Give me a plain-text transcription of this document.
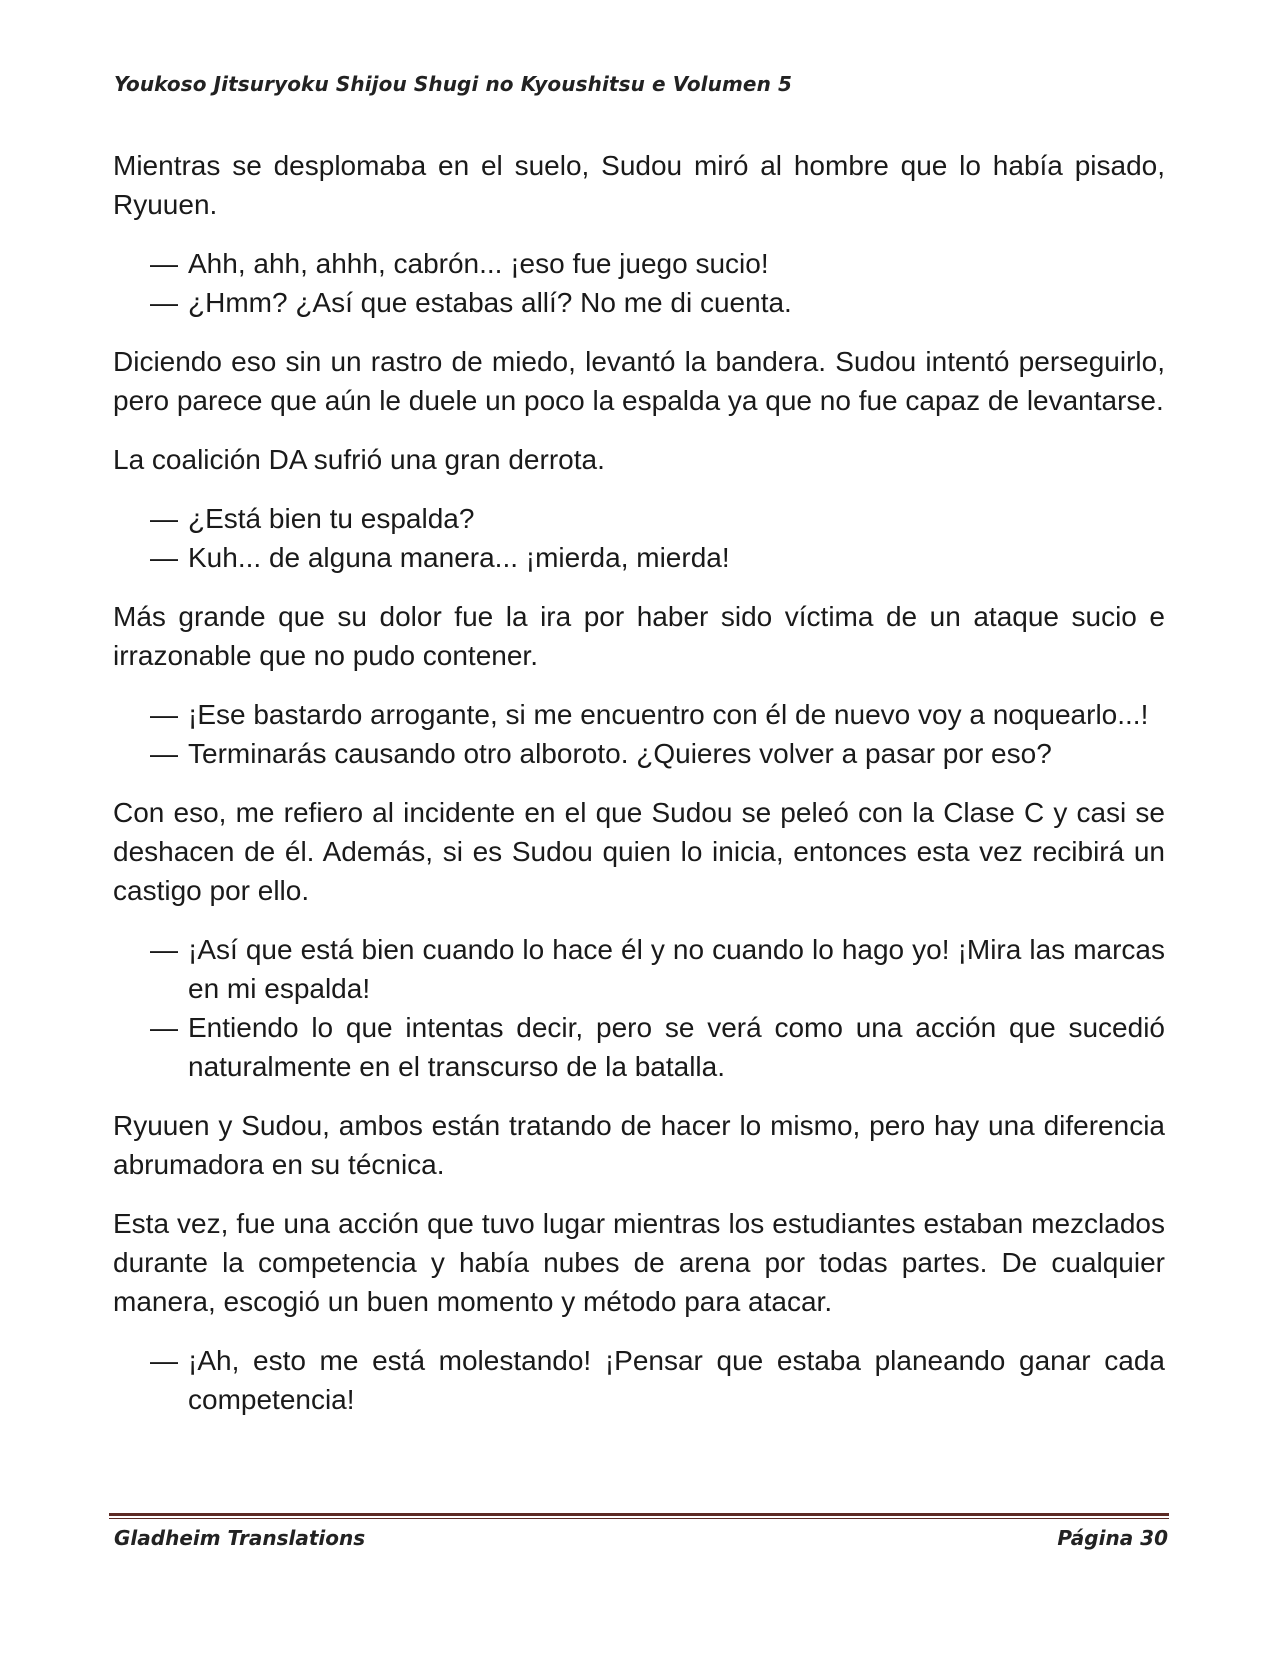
Youkoso Jitsuryoku Shijou Shugi no Kyoushitsu e Volumen 5

Mientras se desplomaba en el suelo, Sudou miró al hombre que lo había pisado, Ryuuen.

— Ahh, ahh, ahhh, cabrón... ¡eso fue juego sucio!

— ¿Hmm? ¿Así que estabas allí? No me di cuenta.

Diciendo eso sin un rastro de miedo, levantó la bandera. Sudou intentó perseguirlo, pero parece que aún le duele un poco la espalda ya que no fue capaz de levantarse.

La coalición DA sufrió una gran derrota.

— ¿Está bien tu espalda?

— Kuh... de alguna manera... ¡mierda, mierda!

Más grande que su dolor fue la ira por haber sido víctima de un ataque sucio e irrazonable que no pudo contener.

— ¡Ese bastardo arrogante, si me encuentro con él de nuevo voy a noquearlo...!

— Terminarás causando otro alboroto. ¿Quieres volver a pasar por eso?

Con eso, me refiero al incidente en el que Sudou se peleó con la Clase C y casi se deshacen de él. Además, si es Sudou quien lo inicia, entonces esta vez recibirá un castigo por ello.

— ¡Así que está bien cuando lo hace él y no cuando lo hago yo! ¡Mira las marcas en mi espalda!

— Entiendo lo que intentas decir, pero se verá como una acción que sucedió naturalmente en el transcurso de la batalla.

Ryuuen y Sudou, ambos están tratando de hacer lo mismo, pero hay una diferencia abrumadora en su técnica.

Esta vez, fue una acción que tuvo lugar mientras los estudiantes estaban mezclados durante la competencia y había nubes de arena por todas partes. De cualquier manera, escogió un buen momento y método para atacar.

— ¡Ah, esto me está molestando! ¡Pensar que estaba planeando ganar cada competencia!

Gladheim Translations	Página 30
